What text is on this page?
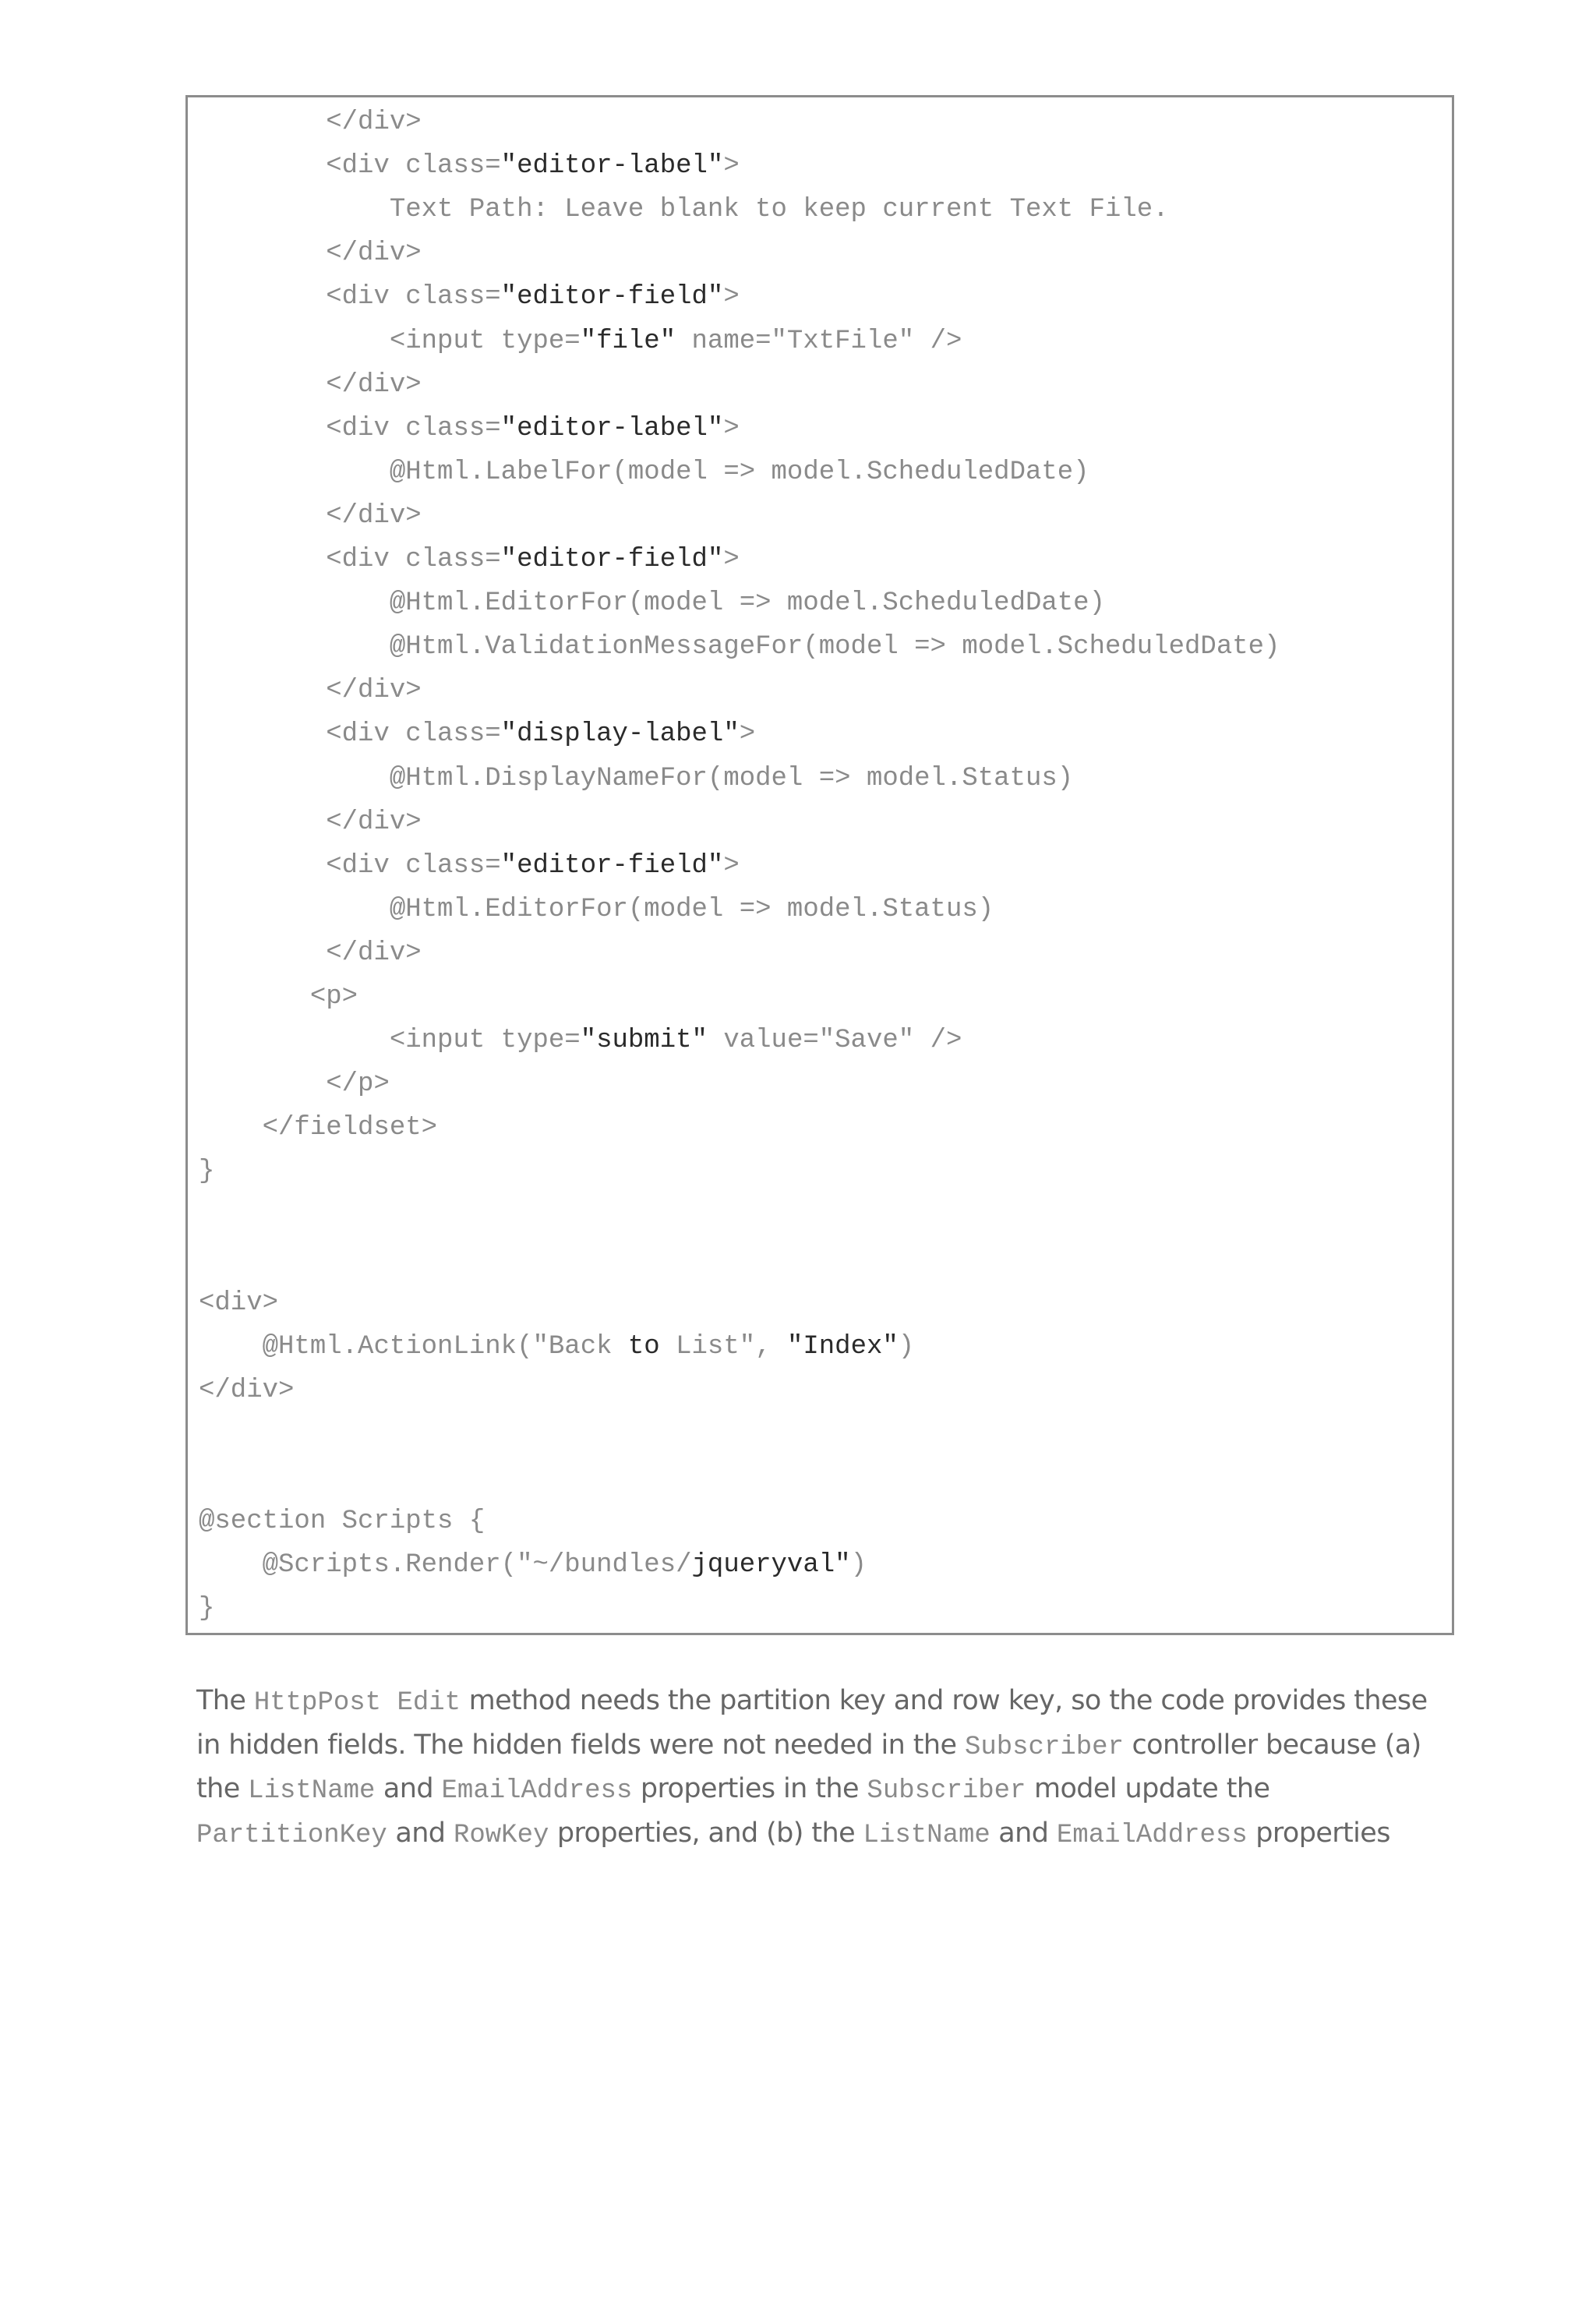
</div>
<div class="editor-label">
Text Path: Leave blank to keep current Text File.
</div>
<div class="editor-field">
<input type="file" name="TxtFile" />
</div>
<div class="editor-label">
@Html.LabelFor(model => model.ScheduledDate)
</div>
<div class="editor-field">
@Html.EditorFor(model => model.ScheduledDate)
@Html.ValidationMessageFor(model => model.ScheduledDate)
</div>
<div class="display-label">
@Html.DisplayNameFor(model => model.Status)
</div>
<div class="editor-field">
@Html.EditorFor(model => model.Status)
</div>
<p>
<input type="submit" value="Save" />
</p>
</fieldset>
}
<div>
@Html.ActionLink("Back to List", "Index")
</div>
@section Scripts {
@Scripts.Render("~/bundles/jqueryval")
}
The HttpPost Edit method needs the partition key and row key, so the code provides these
in hidden fields. The hidden fields were not needed in the Subscriber controller because (a)
the ListName and EmailAddress properties in the Subscriber model update the
PartitionKey and RowKey properties, and (b) the ListName and EmailAddress properties
